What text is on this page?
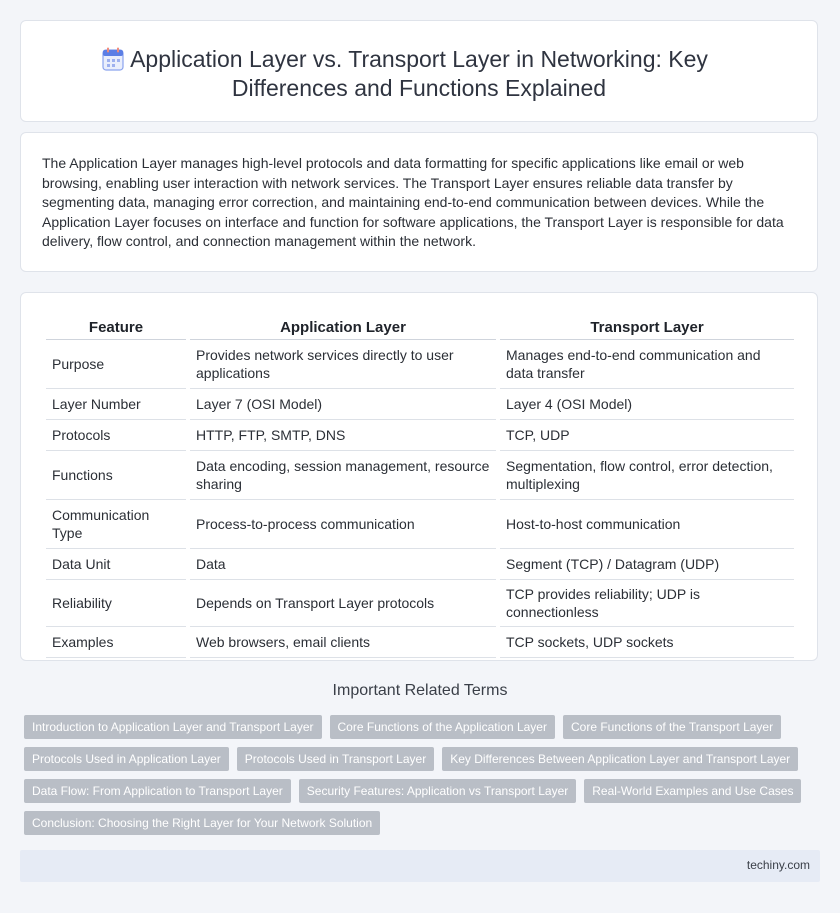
Application Layer vs. Transport Layer in Networking: Key
Differences and Functions Explained
The Application Layer manages high-level protocols and data formatting for specific applications like email or web browsing, enabling user interaction with network services. The Transport Layer ensures reliable data transfer by segmenting data, managing error correction, and maintaining end-to-end communication between devices. While the Application Layer focuses on interface and function for software applications, the Transport Layer is responsible for data delivery, flow control, and connection management within the network.
Feature	Application Layer	Transport Layer
Purpose	Provides network services directly to user applications	Manages end-to-end communication and data transfer
Layer Number	Layer 7 (OSI Model)	Layer 4 (OSI Model)
Protocols	HTTP, FTP, SMTP, DNS	TCP, UDP
Functions	Data encoding, session management, resource sharing	Segmentation, flow control, error detection, multiplexing
Communication Type	Process-to-process communication	Host-to-host communication
Data Unit	Data	Segment (TCP) / Datagram (UDP)
Reliability	Depends on Transport Layer protocols	TCP provides reliability; UDP is connectionless
Examples	Web browsers, email clients	TCP sockets, UDP sockets
Important Related Terms
Introduction to Application Layer and Transport Layer	Core Functions of the Application Layer	Core Functions of the Transport Layer
Protocols Used in Application Layer	Protocols Used in Transport Layer	Key Differences Between Application Layer and Transport Layer
Data Flow: From Application to Transport Layer	Security Features: Application vs Transport Layer	Real-World Examples and Use Cases
Conclusion: Choosing the Right Layer for Your Network Solution
techiny.com
